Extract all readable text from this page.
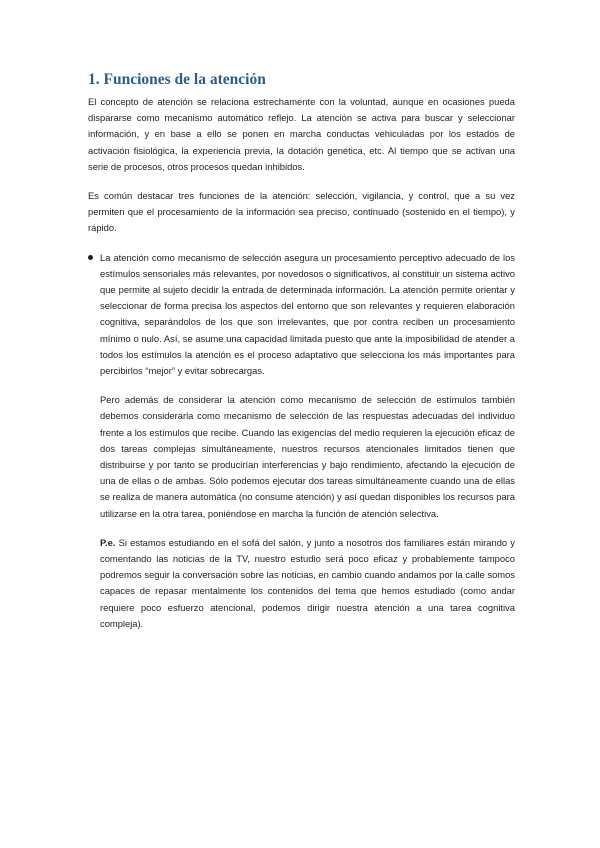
1. Funciones de la atención

El concepto de atención se relaciona estrechamente con la voluntad, aunque en ocasiones pueda dispararse como mecanismo automático reflejo. La atención se activa para buscar y seleccionar información, y en base a ello se ponen en marcha conductas vehiculadas por los estados de activación fisiológica, la experiencia previa, la dotación genética, etc. Al tiempo que se activan una serie de procesos, otros procesos quedan inhibidos.

Es común destacar tres funciones de la atención: selección, vigilancia, y control, que a su vez permiten que el procesamiento de la información sea preciso, continuado (sostenido en el tiempo), y rápido.

La atención como mecanismo de selección asegura un procesamiento perceptivo adecuado de los estímulos sensoriales más relevantes, por novedosos o significativos, al constituir un sistema activo que permite al sujeto decidir la entrada de determinada información. La atención permite orientar y seleccionar de forma precisa los aspectos del entorno que son relevantes y requieren elaboración cognitiva, separándolos de los que son irrelevantes, que por contra reciben un procesamiento mínimo o nulo. Así, se asume una capacidad limitada puesto que ante la imposibilidad de atender a todos los estímulos la atención es el proceso adaptativo que selecciona los más importantes para percibirlos “mejor” y evitar sobrecargas.

Pero además de considerar la atención como mecanismo de selección de estímulos también debemos considerarla como mecanismo de selección de las respuestas adecuadas del individuo frente a los estímulos que recibe. Cuando las exigencias del medio requieren la ejecución eficaz de dos tareas complejas simultáneamente, nuestros recursos atencionales limitados tienen que distribuirse y por tanto se producirían interferencias y bajo rendimiento, afectando la ejecución de una de ellas o de ambas. Sólo podemos ejecutar dos tareas simultáneamente cuando una de ellas se realiza de manera automática (no consume atención) y así quedan disponibles los recursos para utilizarse en la otra tarea, poniéndose en marcha la función de atención selectiva.

P.e. Si estamos estudiando en el sofá del salón, y junto a nosotros dos familiares están mirando y comentando las noticias de la TV, nuestro estudio será poco eficaz y probablemente tampoco podremos seguir la conversación sobre las noticias, en cambio cuando andamos por la calle somos capaces de repasar mentalmente los contenidos del tema que hemos estudiado (como andar requiere poco esfuerzo atencional, podemos dirigir nuestra atención a una tarea cognitiva compleja).
